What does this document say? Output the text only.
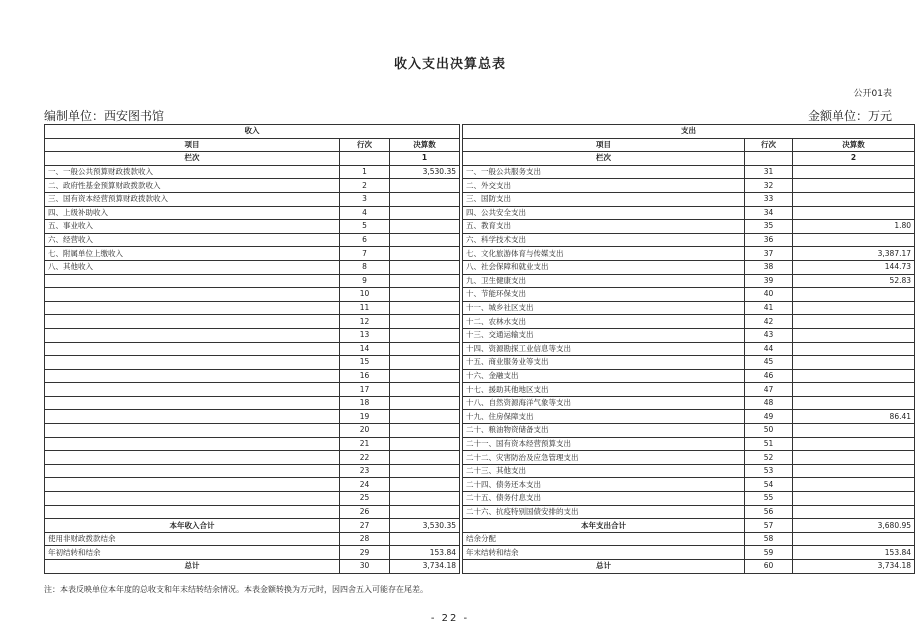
收入支出决算总表
公开01表
编制单位：西安图书馆	金额单位：万元
收入				支出		
项目	行次	决算数		项目	行次	决算数
栏次		1		栏次		2
一、一般公共预算财政拨款收入	1	3,530.35		一、一般公共服务支出	31	
二、政府性基金预算财政拨款收入	2			二、外交支出	32	
三、国有资本经营预算财政拨款收入	3			三、国防支出	33	
四、上级补助收入	4			四、公共安全支出	34	
五、事业收入	5			五、教育支出	35	1.80
六、经营收入	6			六、科学技术支出	36	
七、附属单位上缴收入	7			七、文化旅游体育与传媒支出	37	3,387.17
八、其他收入	8			八、社会保障和就业支出	38	144.73
	9			九、卫生健康支出	39	52.83
	10			十、节能环保支出	40	
	11			十一、城乡社区支出	41	
	12			十二、农林水支出	42	
	13			十三、交通运输支出	43	
	14			十四、资源勘探工业信息等支出	44	
	15			十五、商业服务业等支出	45	
	16			十六、金融支出	46	
	17			十七、援助其他地区支出	47	
	18			十八、自然资源海洋气象等支出	48	
	19			十九、住房保障支出	49	86.41
	20			二十、粮油物资储备支出	50	
	21			二十一、国有资本经营预算支出	51	
	22			二十二、灾害防治及应急管理支出	52	
	23			二十三、其他支出	53	
	24			二十四、债务还本支出	54	
	25			二十五、债务付息支出	55	
	26			二十六、抗疫特别国债安排的支出	56	
本年收入合计	27	3,530.35		本年支出合计	57	3,680.95
使用非财政拨款结余	28			结余分配	58	
年初结转和结余	29	153.84		年末结转和结余	59	153.84
总计	30	3,734.18		总计	60	3,734.18
注：本表反映单位本年度的总收支和年末结转结余情况。本表金额转换为万元时，因四舍五入可能存在尾差。
- 22 -
